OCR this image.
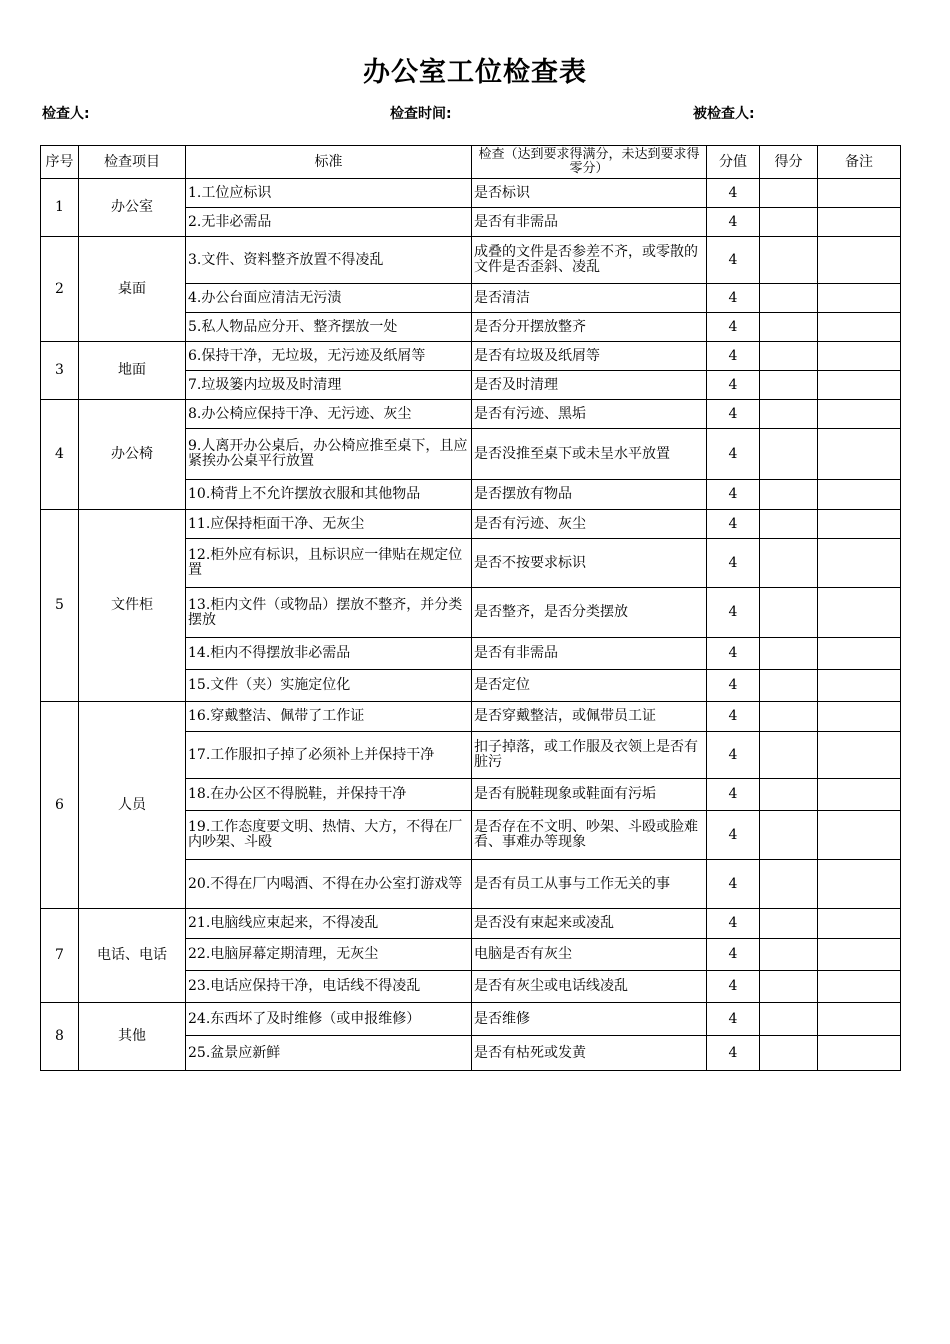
办公室工位检查表
检查人:	检查时间:	被检查人:
序号	检查项目	标准	检查（达到要求得满分，未达到要求得零分）	分值	得分	备注
1	办公室	1.工位应标识	是否标识	4		
		2.无非必需品	是否有非需品	4		
2	桌面	3.文件、资料整齐放置不得凌乱	成叠的文件是否参差不齐，或零散的文件是否歪斜、凌乱	4		
		4.办公台面应清洁无污渍	是否清洁	4		
		5.私人物品应分开、整齐摆放一处	是否分开摆放整齐	4		
3	地面	6.保持干净，无垃圾，无污迹及纸屑等	是否有垃圾及纸屑等	4		
		7.垃圾篓内垃圾及时清理	是否及时清理	4		
4	办公椅	8.办公椅应保持干净、无污迹、灰尘	是否有污迹、黑垢	4		
		9.人离开办公桌后，办公椅应推至桌下，且应紧挨办公桌平行放置	是否没推至桌下或未呈水平放置	4		
		10.椅背上不允许摆放衣服和其他物品	是否摆放有物品	4		
5	文件柜	11.应保持柜面干净、无灰尘	是否有污迹、灰尘	4		
		12.柜外应有标识，且标识应一律贴在规定位置	是否不按要求标识	4		
		13.柜内文件（或物品）摆放不整齐，并分类摆放	是否整齐，是否分类摆放	4		
		14.柜内不得摆放非必需品	是否有非需品	4		
		15.文件（夹）实施定位化	是否定位	4		
6	人员	16.穿戴整洁、佩带了工作证	是否穿戴整洁，或佩带员工证	4		
		17.工作服扣子掉了必须补上并保持干净	扣子掉落，或工作服及衣领上是否有脏污	4		
		18.在办公区不得脱鞋，并保持干净	是否有脱鞋现象或鞋面有污垢	4		
		19.工作态度要文明、热情、大方，不得在厂内吵架、斗殴	是否存在不文明、吵架、斗殴或脸难看、事难办等现象	4		
		20.不得在厂内喝酒、不得在办公室打游戏等	是否有员工从事与工作无关的事	4		
7	电话、电话	21.电脑线应束起来，不得凌乱	是否没有束起来或凌乱	4		
		22.电脑屏幕定期清理，无灰尘	电脑是否有灰尘	4		
		23.电话应保持干净，电话线不得凌乱	是否有灰尘或电话线凌乱	4		
8	其他	24.东西坏了及时维修（或申报维修）	是否维修	4		
		25.盆景应新鲜	是否有枯死或发黄	4		
